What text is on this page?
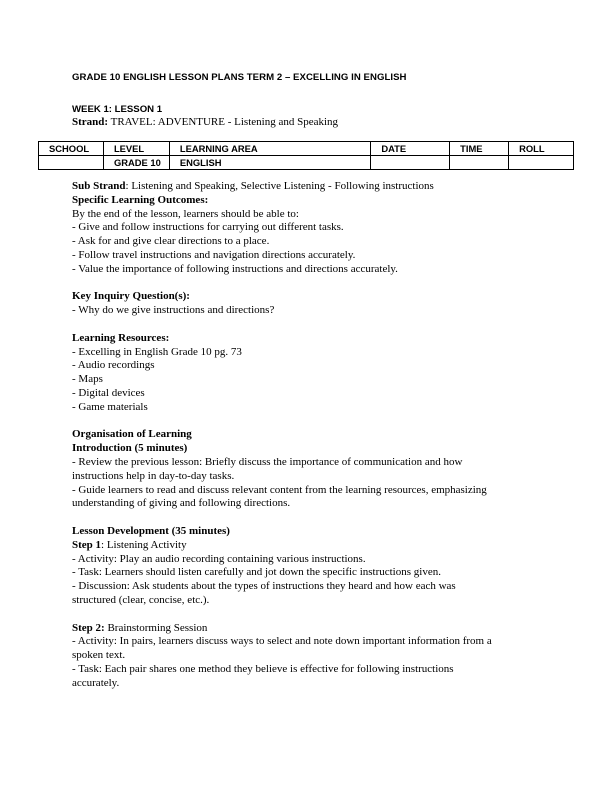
GRADE 10 ENGLISH LESSON PLANS TERM 2 – EXCELLING IN ENGLISH
WEEK 1: LESSON 1
Strand: TRAVEL: ADVENTURE - Listening and Speaking
SCHOOL	LEVEL	LEARNING AREA	DATE	TIME	ROLL
	GRADE 10	ENGLISH			
Sub Strand: Listening and Speaking, Selective Listening - Following instructions
Specific Learning Outcomes:
By the end of the lesson, learners should be able to:
- Give and follow instructions for carrying out different tasks.
- Ask for and give clear directions to a place.
- Follow travel instructions and navigation directions accurately.
- Value the importance of following instructions and directions accurately.
Key Inquiry Question(s):
- Why do we give instructions and directions?
Learning Resources:
- Excelling in English Grade 10 pg. 73
- Audio recordings
- Maps
- Digital devices
- Game materials
Organisation of Learning
Introduction (5 minutes)
- Review the previous lesson: Briefly discuss the importance of communication and how
instructions help in day-to-day tasks.
- Guide learners to read and discuss relevant content from the learning resources, emphasizing
understanding of giving and following directions.
Lesson Development (35 minutes)
Step 1: Listening Activity
- Activity: Play an audio recording containing various instructions.
- Task: Learners should listen carefully and jot down the specific instructions given.
- Discussion: Ask students about the types of instructions they heard and how each was
structured (clear, concise, etc.).
Step 2: Brainstorming Session
- Activity: In pairs, learners discuss ways to select and note down important information from a
spoken text.
- Task: Each pair shares one method they believe is effective for following instructions
accurately.
